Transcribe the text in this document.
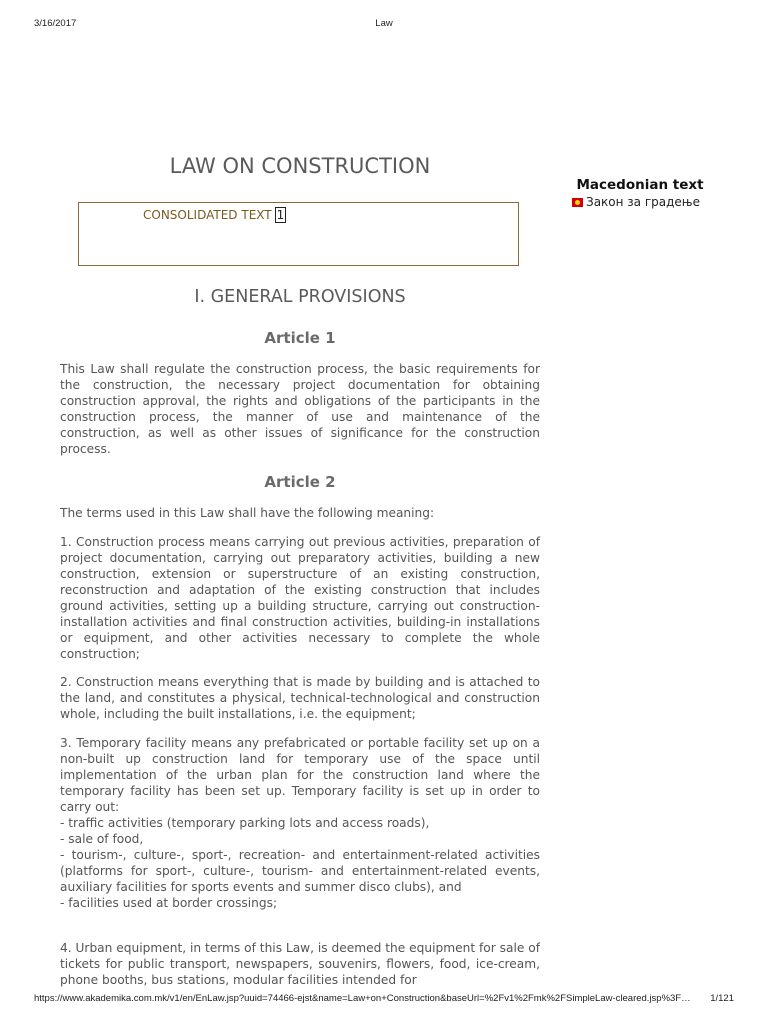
3/16/2017	Law
LAW ON CONSTRUCTION
CONSOLIDATED TEXT 1

Macedonian text

Закон за градење
I. GENERAL PROVISIONS
Article 1

This Law shall regulate the construction process, the basic requirements for the construction, the necessary project documentation for obtaining construction approval, the rights and obligations of the participants in the construction process, the manner of use and maintenance of the construction, as well as other issues of significance for the construction process.

Article 2

The terms used in this Law shall have the following meaning:

1. Construction process means carrying out previous activities, preparation of project documentation, carrying out preparatory activities, building a new construction, extension or superstructure of an existing construction, reconstruction and adaptation of the existing construction that includes ground activities, setting up a building structure, carrying out construction-installation activities and final construction activities, building-in installations or equipment, and other activities necessary to complete the whole construction;

2. Construction means everything that is made by building and is attached to the land, and constitutes a physical, technical-technological and construction whole, including the built installations, i.e. the equipment;

3. Temporary facility means any prefabricated or portable facility set up on a non-built up construction land for temporary use of the space until implementation of the urban plan for the construction land where the temporary facility has been set up. Temporary facility is set up in order to carry out:
- traffic activities (temporary parking lots and access roads),
- sale of food,
- tourism-, culture-, sport-, recreation- and entertainment-related activities (platforms for sport-, culture-, tourism- and entertainment-related events, auxiliary facilities for sports events and summer disco clubs), and
- facilities used at border crossings;

4. Urban equipment, in terms of this Law, is deemed the equipment for sale of tickets for public transport, newspapers, souvenirs, flowers, food, ice-cream, phone booths, bus stations, modular facilities intended for

https://www.akademika.com.mk/v1/en/EnLaw.jsp?uuid=74466-ejst&name=Law+on+Construction&baseUrl=%2Fv1%2Fmk%2FSimpleLaw-cleared.jsp%3F… 1/121
